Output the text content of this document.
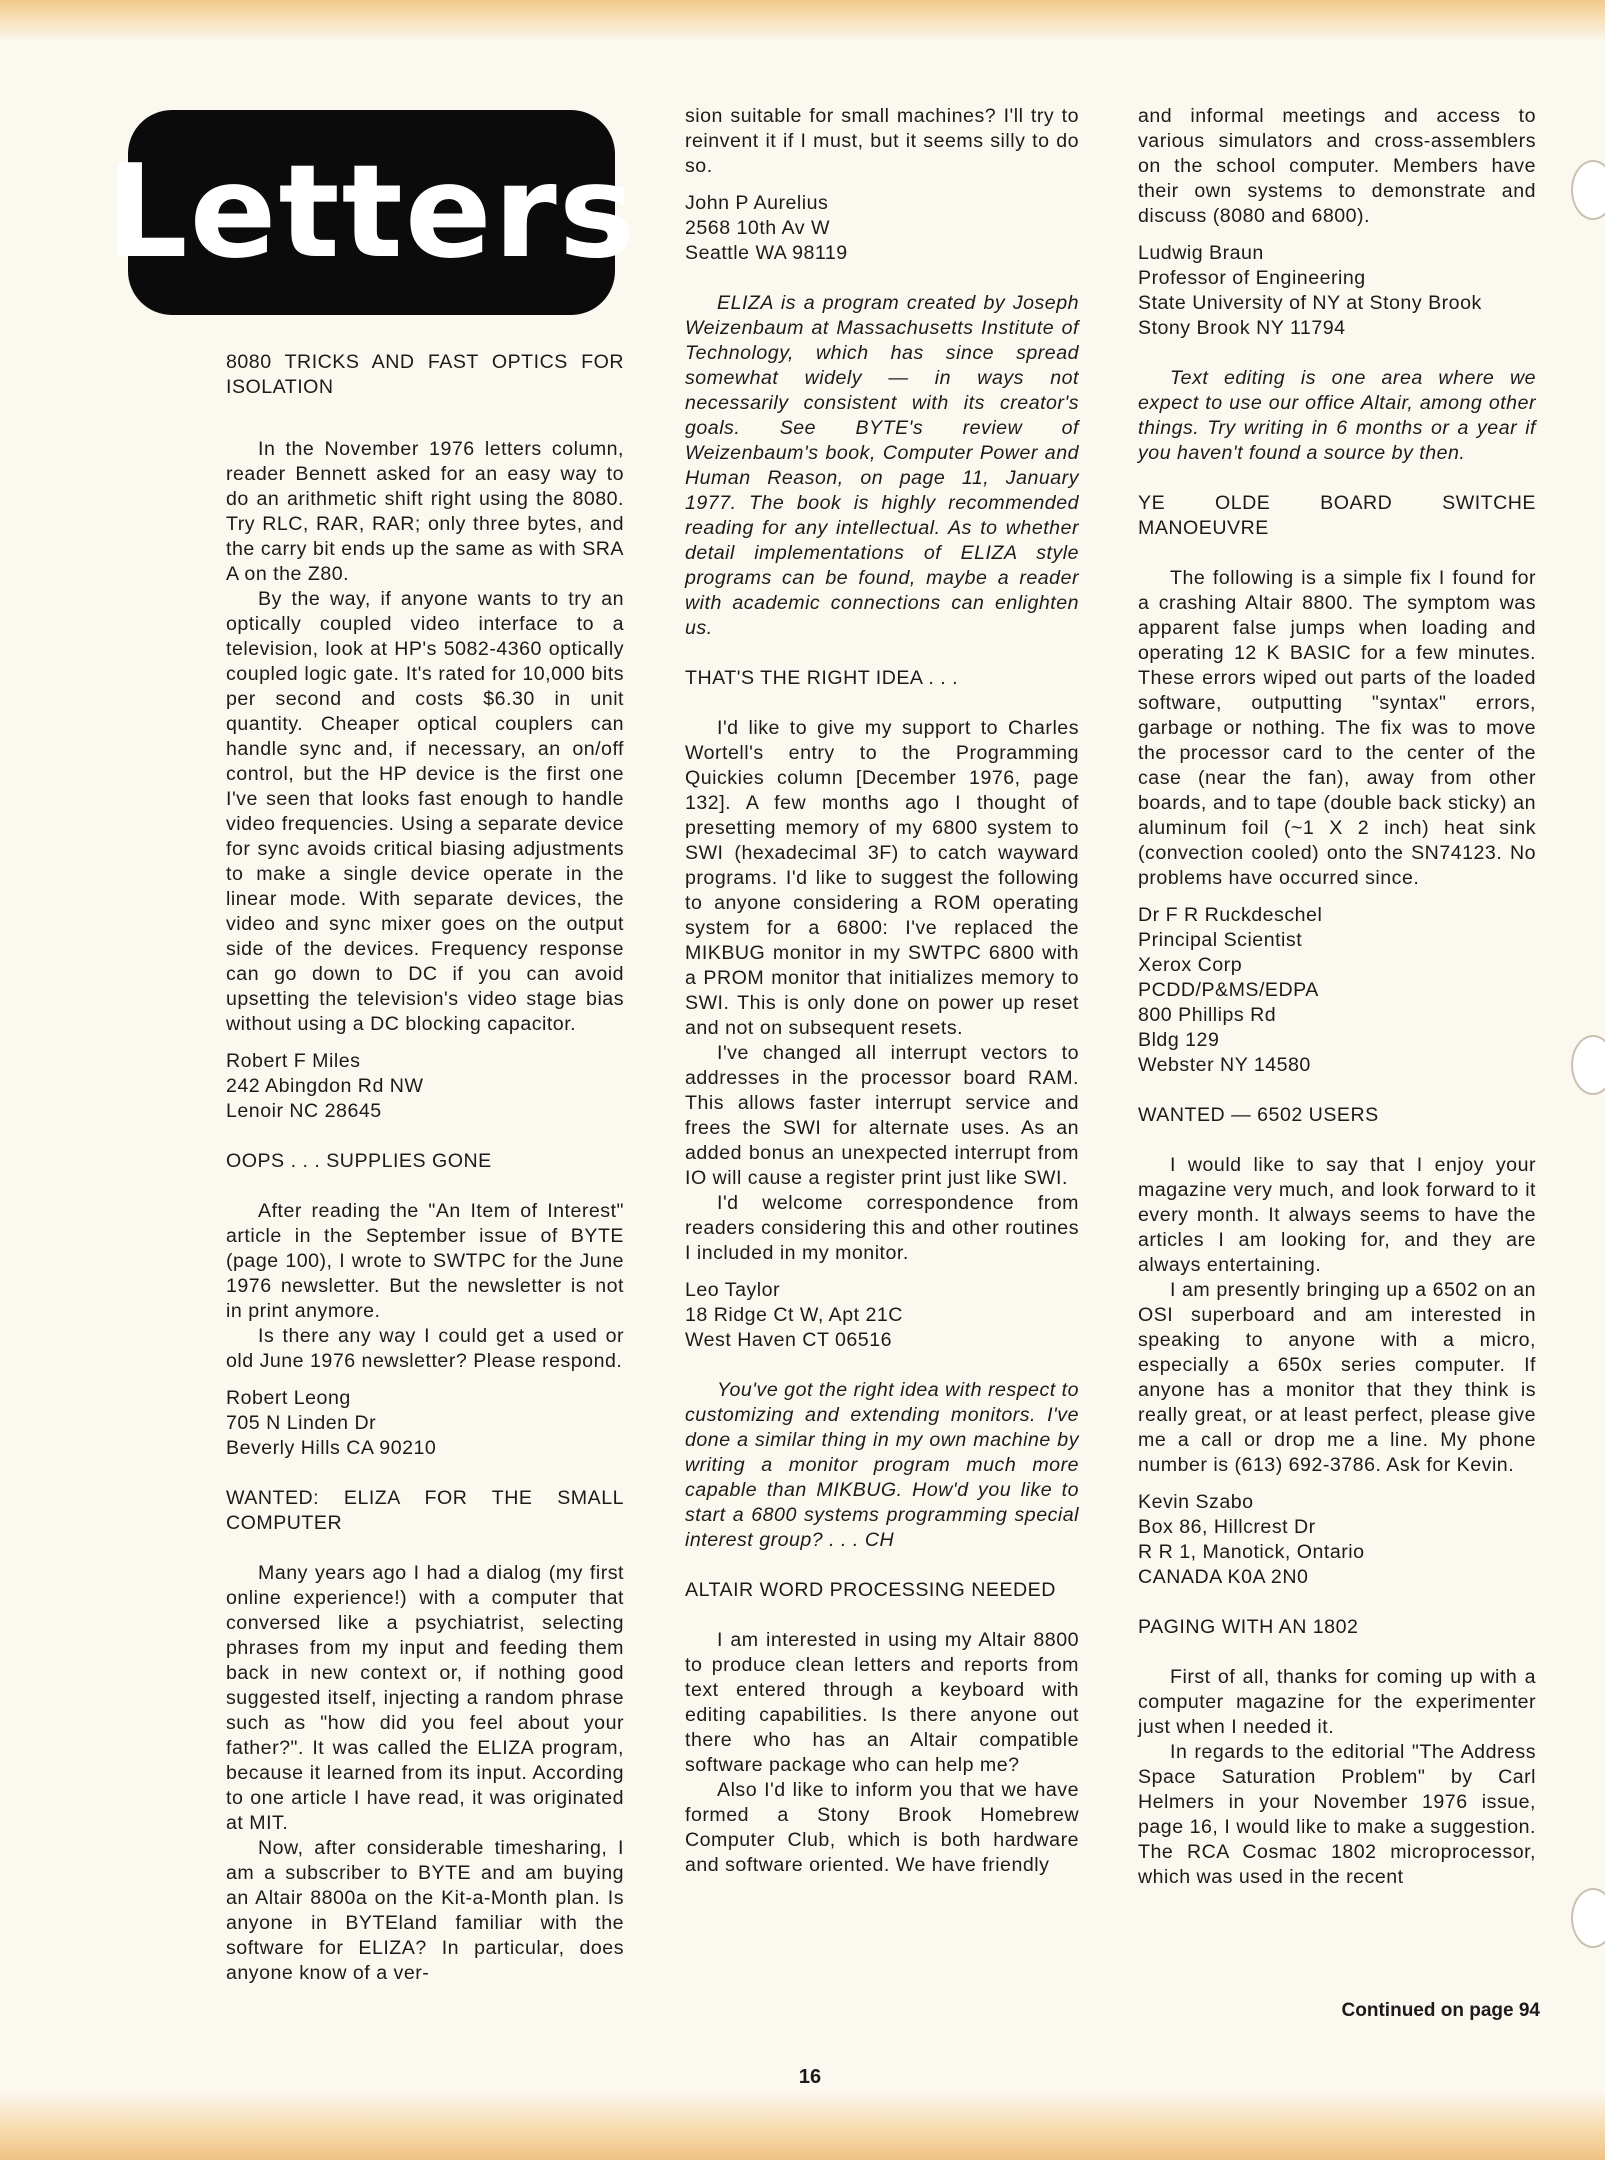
Letters

8080 TRICKS AND FAST OPTICS FOR ISOLATION

In the November 1976 letters column, reader Bennett asked for an easy way to do an arithmetic shift right using the 8080. Try RLC, RAR, RAR; only three bytes, and the carry bit ends up the same as with SRA A on the Z80.

By the way, if anyone wants to try an optically coupled video interface to a television, look at HP's 5082-4360 optically coupled logic gate. It's rated for 10,000 bits per second and costs $6.30 in unit quantity. Cheaper optical couplers can handle sync and, if necessary, an on/off control, but the HP device is the first one I've seen that looks fast enough to handle video frequencies. Using a separate device for sync avoids critical biasing adjustments to make a single device operate in the linear mode. With separate devices, the video and sync mixer goes on the output side of the devices. Frequency response can go down to DC if you can avoid upsetting the television's video stage bias without using a DC blocking capacitor.

Robert F Miles

242 Abingdon Rd NW

Lenoir NC 28645

OOPS . . . SUPPLIES GONE

After reading the "An Item of Interest" article in the September issue of BYTE (page 100), I wrote to SWTPC for the June 1976 newsletter. But the newsletter is not in print anymore.

Is there any way I could get a used or old June 1976 newsletter? Please respond.

Robert Leong

705 N Linden Dr

Beverly Hills CA 90210

WANTED: ELIZA FOR THE SMALL COMPUTER

Many years ago I had a dialog (my first online experience!) with a computer that conversed like a psychiatrist, selecting phrases from my input and feeding them back in new context or, if nothing good suggested itself, injecting a random phrase such as "how did you feel about your father?". It was called the ELIZA program, because it learned from its input. According to one article I have read, it was originated at MIT.

Now, after considerable timesharing, I am a subscriber to BYTE and am buying an Altair 8800a on the Kit-a-Month plan. Is anyone in BYTEland familiar with the software for ELIZA? In particular, does anyone know of a ver-

sion suitable for small machines? I'll try to reinvent it if I must, but it seems silly to do so.

John P Aurelius

2568 10th Av W

Seattle WA 98119

ELIZA is a program created by Joseph Weizenbaum at Massachusetts Institute of Technology, which has since spread somewhat widely — in ways not necessarily consistent with its creator's goals. See BYTE's review of Weizenbaum's book, Computer Power and Human Reason, on page 11, January 1977. The book is highly recommended reading for any intellectual. As to whether detail implementations of ELIZA style programs can be found, maybe a reader with academic connections can enlighten us.

THAT'S THE RIGHT IDEA . . .

I'd like to give my support to Charles Wortell's entry to the Programming Quickies column [December 1976, page 132]. A few months ago I thought of presetting memory of my 6800 system to SWI (hexadecimal 3F) to catch wayward programs. I'd like to suggest the following to anyone considering a ROM operating system for a 6800: I've replaced the MIKBUG monitor in my SWTPC 6800 with a PROM monitor that initializes memory to SWI. This is only done on power up reset and not on subsequent resets.

I've changed all interrupt vectors to addresses in the processor board RAM. This allows faster interrupt service and frees the SWI for alternate uses. As an added bonus an unexpected interrupt from IO will cause a register print just like SWI.

I'd welcome correspondence from readers considering this and other routines I included in my monitor.

Leo Taylor

18 Ridge Ct W, Apt 21C

West Haven CT 06516

You've got the right idea with respect to customizing and extending monitors. I've done a similar thing in my own machine by writing a monitor program much more capable than MIKBUG. How'd you like to start a 6800 systems programming special interest group? . . . CH

ALTAIR WORD PROCESSING NEEDED

I am interested in using my Altair 8800 to produce clean letters and reports from text entered through a keyboard with editing capabilities. Is there anyone out there who has an Altair compatible software package who can help me?

Also I'd like to inform you that we have formed a Stony Brook Homebrew Computer Club, which is both hardware and software oriented. We have friendly

and informal meetings and access to various simulators and cross-assemblers on the school computer. Members have their own systems to demonstrate and discuss (8080 and 6800).

Ludwig Braun

Professor of Engineering

State University of NY at Stony Brook

Stony Brook NY 11794

Text editing is one area where we expect to use our office Altair, among other things. Try writing in 6 months or a year if you haven't found a source by then.

YE OLDE BOARD SWITCHE MANOEUVRE

The following is a simple fix I found for a crashing Altair 8800. The symptom was apparent false jumps when loading and operating 12 K BASIC for a few minutes. These errors wiped out parts of the loaded software, outputting "syntax" errors, garbage or nothing. The fix was to move the processor card to the center of the case (near the fan), away from other boards, and to tape (double back sticky) an aluminum foil (~1 X 2 inch) heat sink (convection cooled) onto the SN74123. No problems have occurred since.

Dr F R Ruckdeschel

Principal Scientist

Xerox Corp

PCDD/P&MS/EDPA

800 Phillips Rd

Bldg 129

Webster NY 14580

WANTED — 6502 USERS

I would like to say that I enjoy your magazine very much, and look forward to it every month. It always seems to have the articles I am looking for, and they are always entertaining.

I am presently bringing up a 6502 on an OSI superboard and am interested in speaking to anyone with a micro, especially a 650x series computer. If anyone has a monitor that they think is really great, or at least perfect, please give me a call or drop me a line. My phone number is (613) 692-3786. Ask for Kevin.

Kevin Szabo

Box 86, Hillcrest Dr

R R 1, Manotick, Ontario

CANADA K0A 2N0

PAGING WITH AN 1802

First of all, thanks for coming up with a computer magazine for the experimenter just when I needed it.

In regards to the editorial "The Address Space Saturation Problem" by Carl Helmers in your November 1976 issue, page 16, I would like to make a suggestion. The RCA Cosmac 1802 microprocessor, which was used in the recent

Continued on page 94
16
